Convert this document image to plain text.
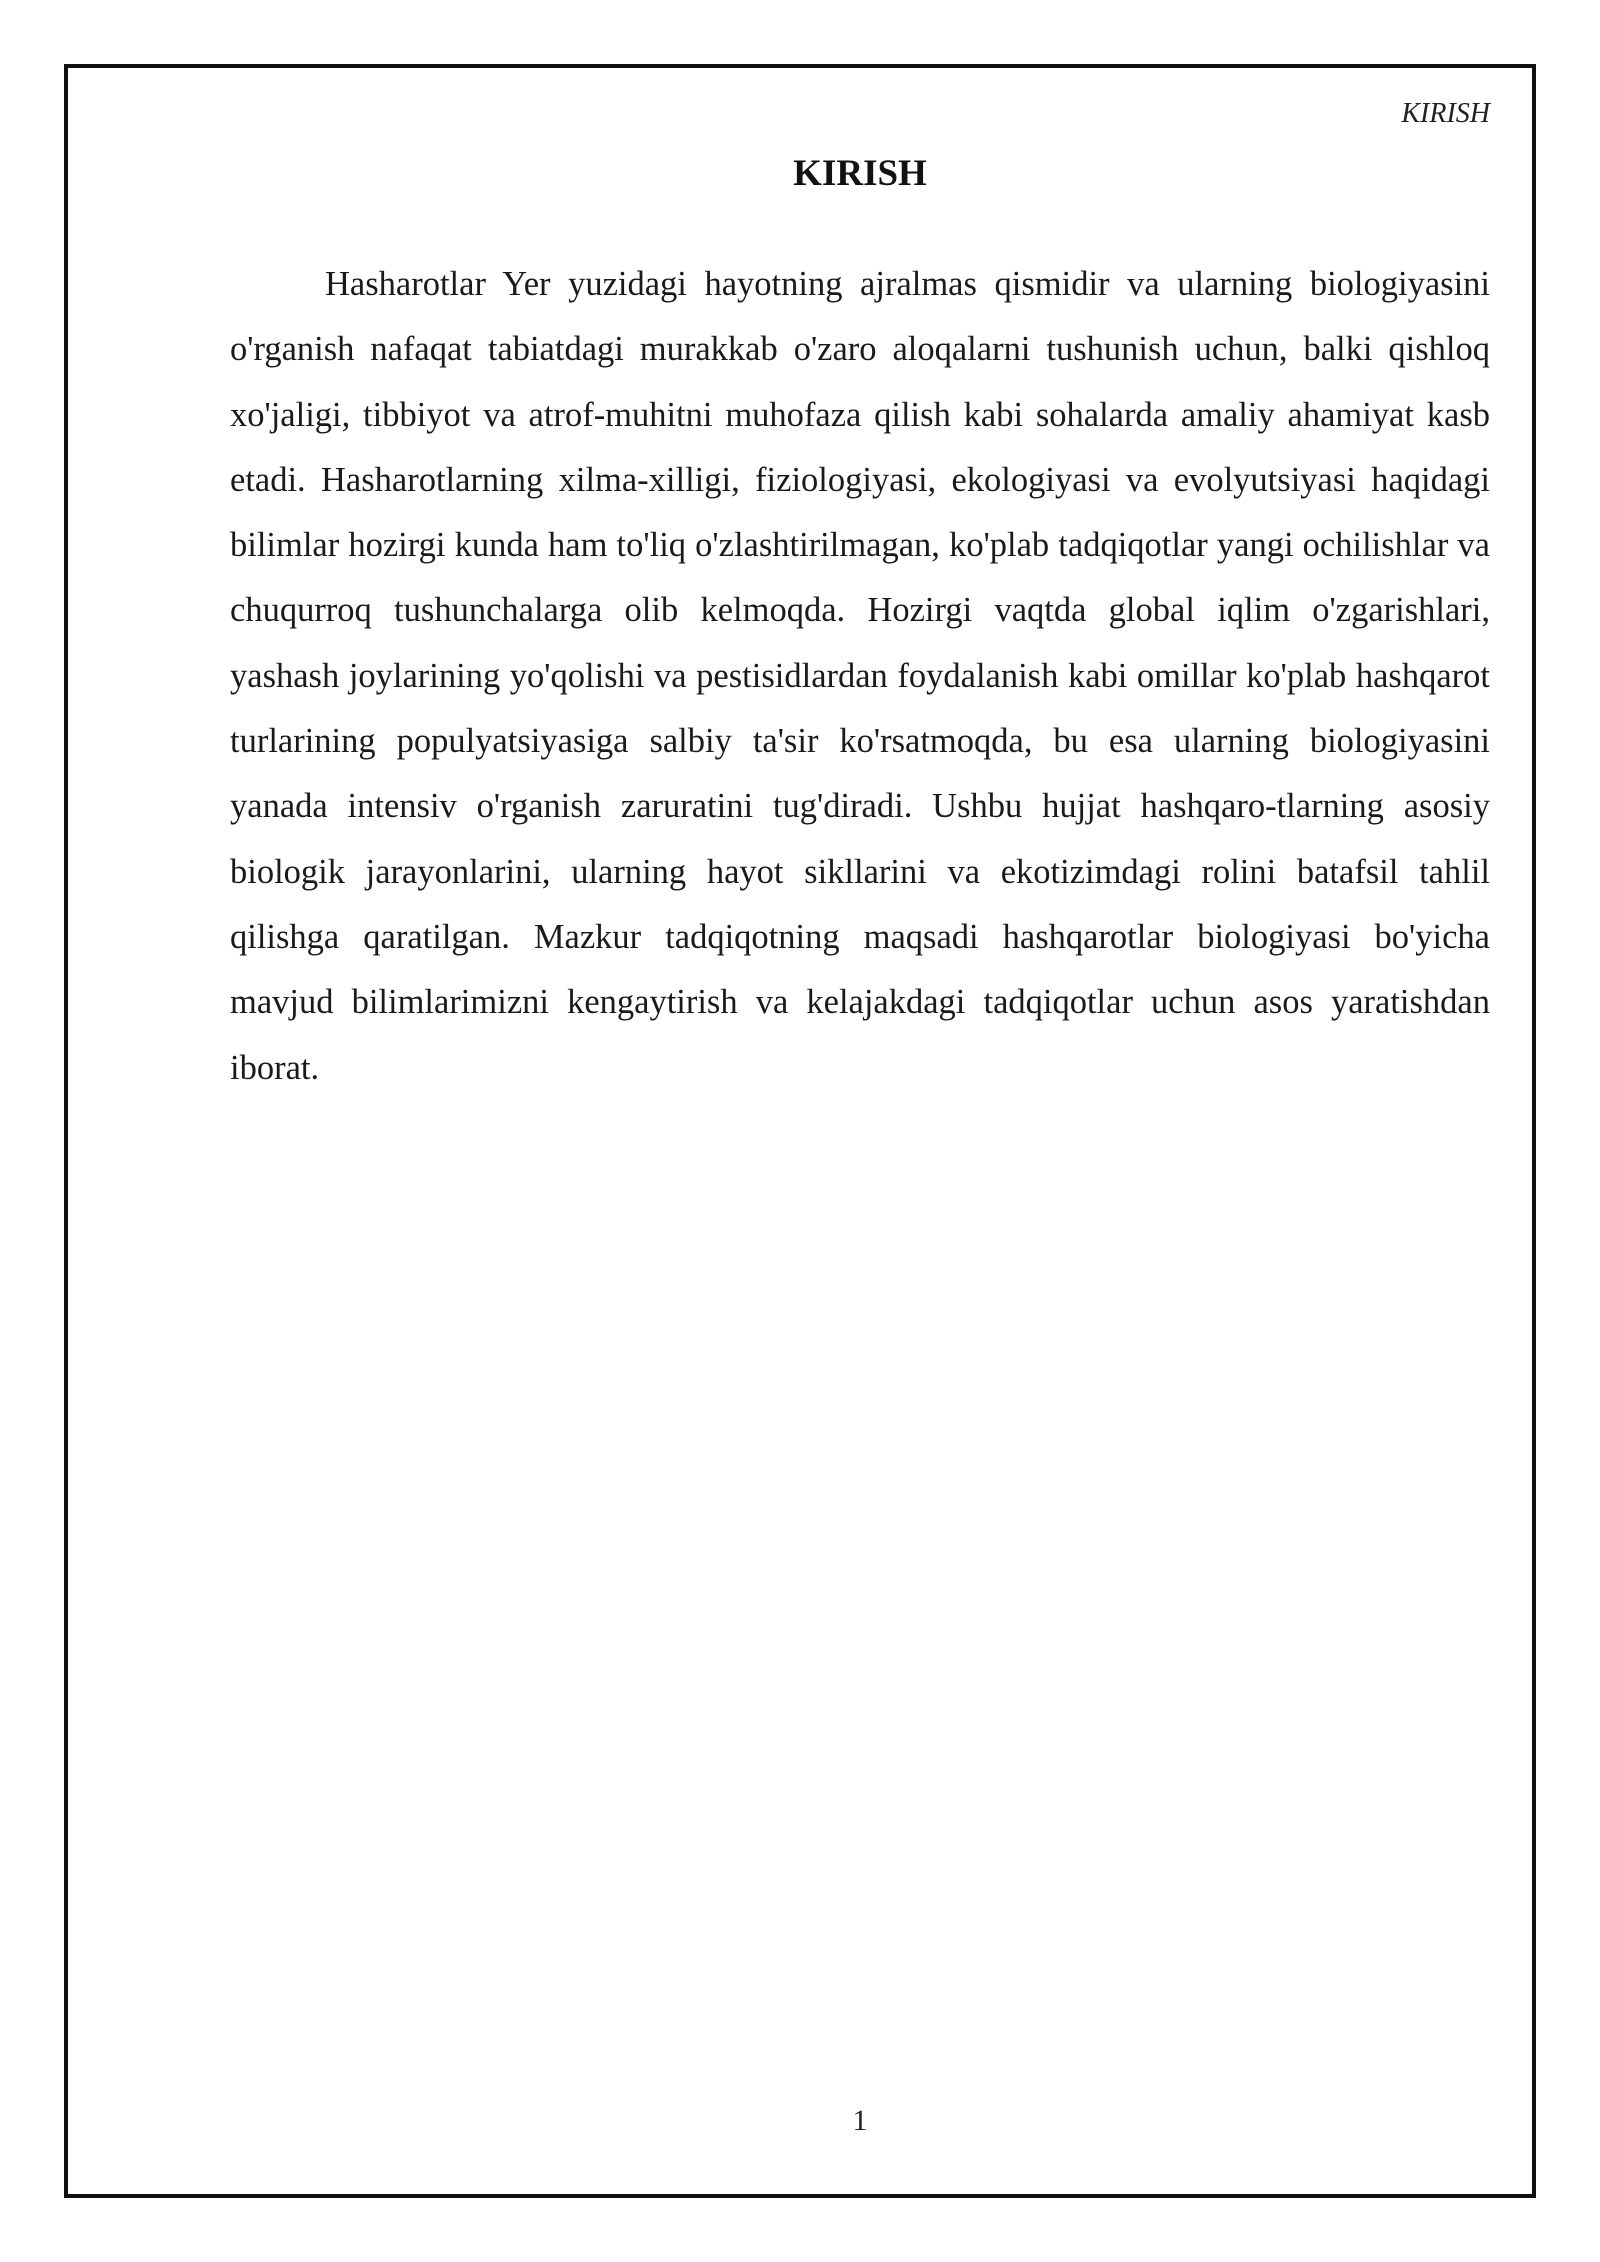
KIRISH
KIRISH

Hasharotlar Yer yuzidagi hayotning ajralmas qismidir va ularning biologiyasini o'rganish nafaqat tabiatdagi murakkab o'zaro aloqalarni tushunish uchun, balki qishloq xo'jaligi, tibbiyot va atrof-muhitni muhofaza qilish kabi sohalarda amaliy ahamiyat kasb etadi. Hasharotlarning xilma-xilligi, fiziologiyasi, ekologiyasi va evolyutsiyasi haqidagi bilimlar hozirgi kunda ham to'liq o'zlashtirilmagan, ko'plab tadqiqotlar yangi ochilishlar va chuqurroq tushunchalarga olib kelmoqda. Hozirgi vaqtda global iqlim o'zgarishlari, yashash joylarining yo'qolishi va pestisidlardan foydalanish kabi omillar ko'plab hashqarot turlarining populyatsiyasiga salbiy ta'sir ko'rsatmoqda, bu esa ularning biologiyasini yanada intensiv o'rganish zaruratini tug'diradi. Ushbu hujjat hashqaro-tlarning asosiy biologik jarayonlarini, ularning hayot sikllarini va ekotizimdagi rolini batafsil tahlil qilishga qaratilgan. Mazkur tadqiqotning maqsadi hashqarotlar biologiyasi bo'yicha mavjud bilimlarimizni kengaytirish va kelajakdagi tadqiqotlar uchun asos yaratishdan iborat.

1
